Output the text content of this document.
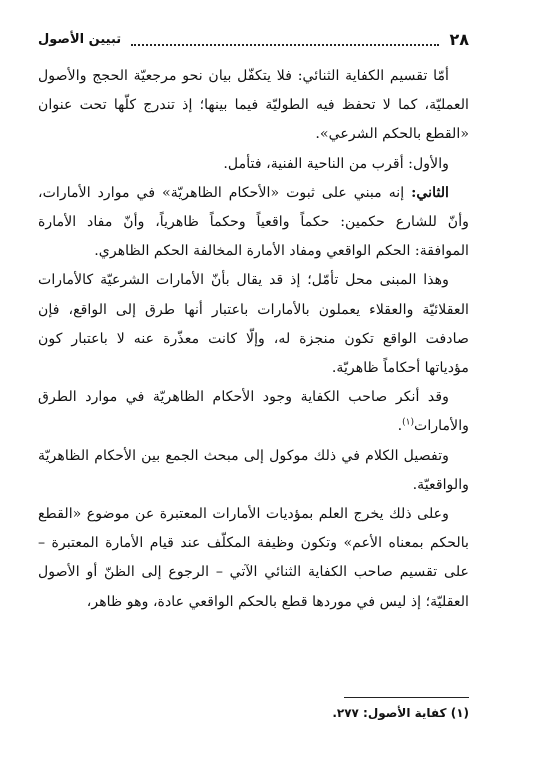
٢٨
تبيين الأصول

أمّا تقسيم الكفاية الثنائي: فلا يتكفّل بيان نحو مرجعيّة الحجج والأصول العمليّة، كما لا تحفظ فيه الطوليّة فيما بينها؛ إذ تندرج كلّها تحت عنوان «القطع بالحكم الشرعي».

والأول: أقرب من الناحية الفنية، فتأمل.

الثاني: إنه مبني على ثبوت «الأحكام الظاهريّة» في موارد الأمارات، وأنّ للشارع حكمين: حكماً واقعياً وحكماً ظاهرياً، وأنّ مفاد الأمارة الموافقة: الحكم الواقعي ومفاد الأمارة المخالفة الحكم الظاهري.

وهذا المبنى محل تأمّل؛ إذ قد يقال بأنّ الأمارات الشرعيّة كالأمارات العقلائيّة والعقلاء يعملون بالأمارات باعتبار أنها طرق إلى الواقع، فإن صادفت الواقع تكون منجزة له، وإلّا كانت معذّرة عنه لا باعتبار كون مؤدياتها أحكاماً ظاهريّة.

وقد أنكر صاحب الكفاية وجود الأحكام الظاهريّة في موارد الطرق والأمارات$^{(١)}$.

وتفصيل الكلام في ذلك موكول إلى مبحث الجمع بين الأحكام الظاهريّة والواقعيّة.

وعلى ذلك يخرج العلم بمؤديات الأمارات المعتبرة عن موضوع «القطع بالحكم بمعناه الأعم» وتكون وظيفة المكلّف عند قيام الأمارة المعتبرة – على تقسيم صاحب الكفاية الثنائي الآتي – الرجوع إلى الظنّ أو الأصول العقليّة؛ إذ ليس في موردها قطع بالحكم الواقعي عادة، وهو ظاهر،

(١) كفاية الأصول: ٢٧٧.
